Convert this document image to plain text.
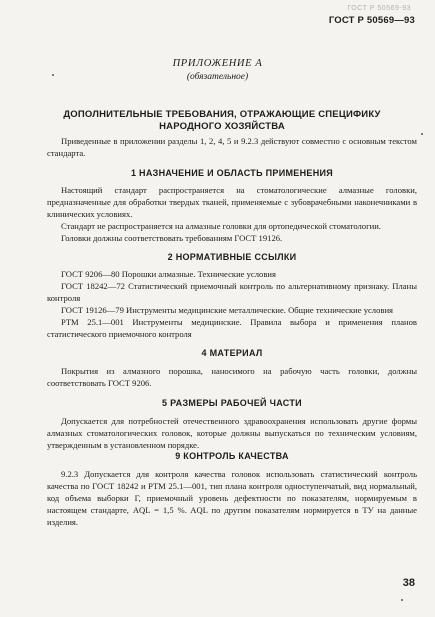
ГОСТ Р 50569-93
ГОСТ Р 50569—93
ПРИЛОЖЕНИЕ А
(обязательное)
ДОПОЛНИТЕЛЬНЫЕ ТРЕБОВАНИЯ, ОТРАЖАЮЩИЕ СПЕЦИФИКУ НАРОДНОГО ХОЗЯЙСТВА

Приведенные в приложении разделы 1, 2, 4, 5 и 9.2.3 действуют совместно с основным текстом стандарта.

1 НАЗНАЧЕНИЕ И ОБЛАСТЬ ПРИМЕНЕНИЯ

Настоящий стандарт распространяется на стоматологические алмазные головки, предназначенные для обработки твердых тканей, применяемые с зубоврачебными наконечниками в клинических условиях.

Стандарт не распространяется на алмазные головки для ортопедической стоматологии.

Головки должны соответствовать требованиям ГОСТ 19126.

2 НОРМАТИВНЫЕ ССЫЛКИ

ГОСТ 9206—80 Порошки алмазные. Технические условия

ГОСТ 18242—72 Статистический приемочный контроль по альтернативному признаку. Планы контроля

ГОСТ 19126—79 Инструменты медицинские металлические. Общие технические условия

РТМ 25.1—001 Инструменты медицинские. Правила выбора и применения планов статистического приемочного контроля

4 МАТЕРИАЛ

Покрытия из алмазного порошка, наносимого на рабочую часть головки, должны соответствовать ГОСТ 9206.

5 РАЗМЕРЫ РАБОЧЕЙ ЧАСТИ

Допускается для потребностей отечественного здравоохранения использовать другие формы алмазных стоматологических головок, которые должны выпускаться по техническим условиям, утвержденным в установленном порядке.

9 КОНТРОЛЬ КАЧЕСТВА

9.2.3 Допускается для контроля качества головок использовать статистический контроль качества по ГОСТ 18242 и РТМ 25.1—001, тип плана контроля одноступенчатый, вид нормальный, код объема выборки Г, приемочный уровень дефектности по показателям, нормируемым в настоящем стандарте, AQL = 1,5 %. AQL по другим показателям нормируется в ТУ на данные изделия.

38
